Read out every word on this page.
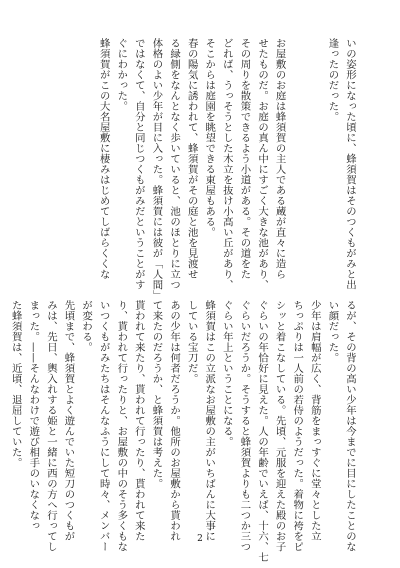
いの姿形になった頃に、蜂須賀はそのつくもがみと出
逢ったのだった。

お屋敷のお庭は蜂須賀の主人である蔵が直々に造ら
せたものだ。お庭の真ん中にすごく大きな池があり、
その周りを散策できるよう小道がある。その道をた
どれば、うっそうとした木立を抜け小高い丘があり、
そこからは庭園を眺望できる東屋もある。
春の陽気に誘われて、蜂須賀がその庭と池を見渡せ
る緑側をなんとなく歩いていると、池のほとりに立つ
体格のよい少年が目に入った。蜂須賀には彼が「人間」
ではなくて、自分と同じつくもがみだということがす
ぐにわかった。
蜂須賀がこの大名屋敷に棲みはじめてしばらくくな
るが、その背の高い少年は今までに目にしたことのな
い顔だった。
少年は肩幅が広く、背筋をまっすぐに堂々とした立
ちっぷりは一人前の若侍のようだった。着物に袴をピ
シッと着こなしている。先頃、元服を迎えた殿のお子
ぐらいの年恰好に見えた。人の年齢でいえば、十六、七
ぐらいだろうか。そうすると蜂須賀よりも二つか三つ
ぐらい年上ということになる。
蜂須賀はこの立派なお屋敷の主がいちばんに大事に
している宝刀だ。
あの少年は何者だろうか。他所のお屋敷から貰われ
て来たのだろうか、と蜂須賀は考えた。
貰われて来たり、貰われて行ったり、貰われて来た
り、貰われて行ったりと、お屋敷の中のそう多くもな
いつくもがみたちはそんなふうにして時々、メンバー
が変わる。
先頃まで、蜂須賀とよく遊んでいた短刀のつくもが
みは、先日、輿入れする姫と一緒に西の方へ行ってし
まった。——そんなわけで遊び相手のいなくなっ
た蜂須賀は、近頃、退屈していた。
2
